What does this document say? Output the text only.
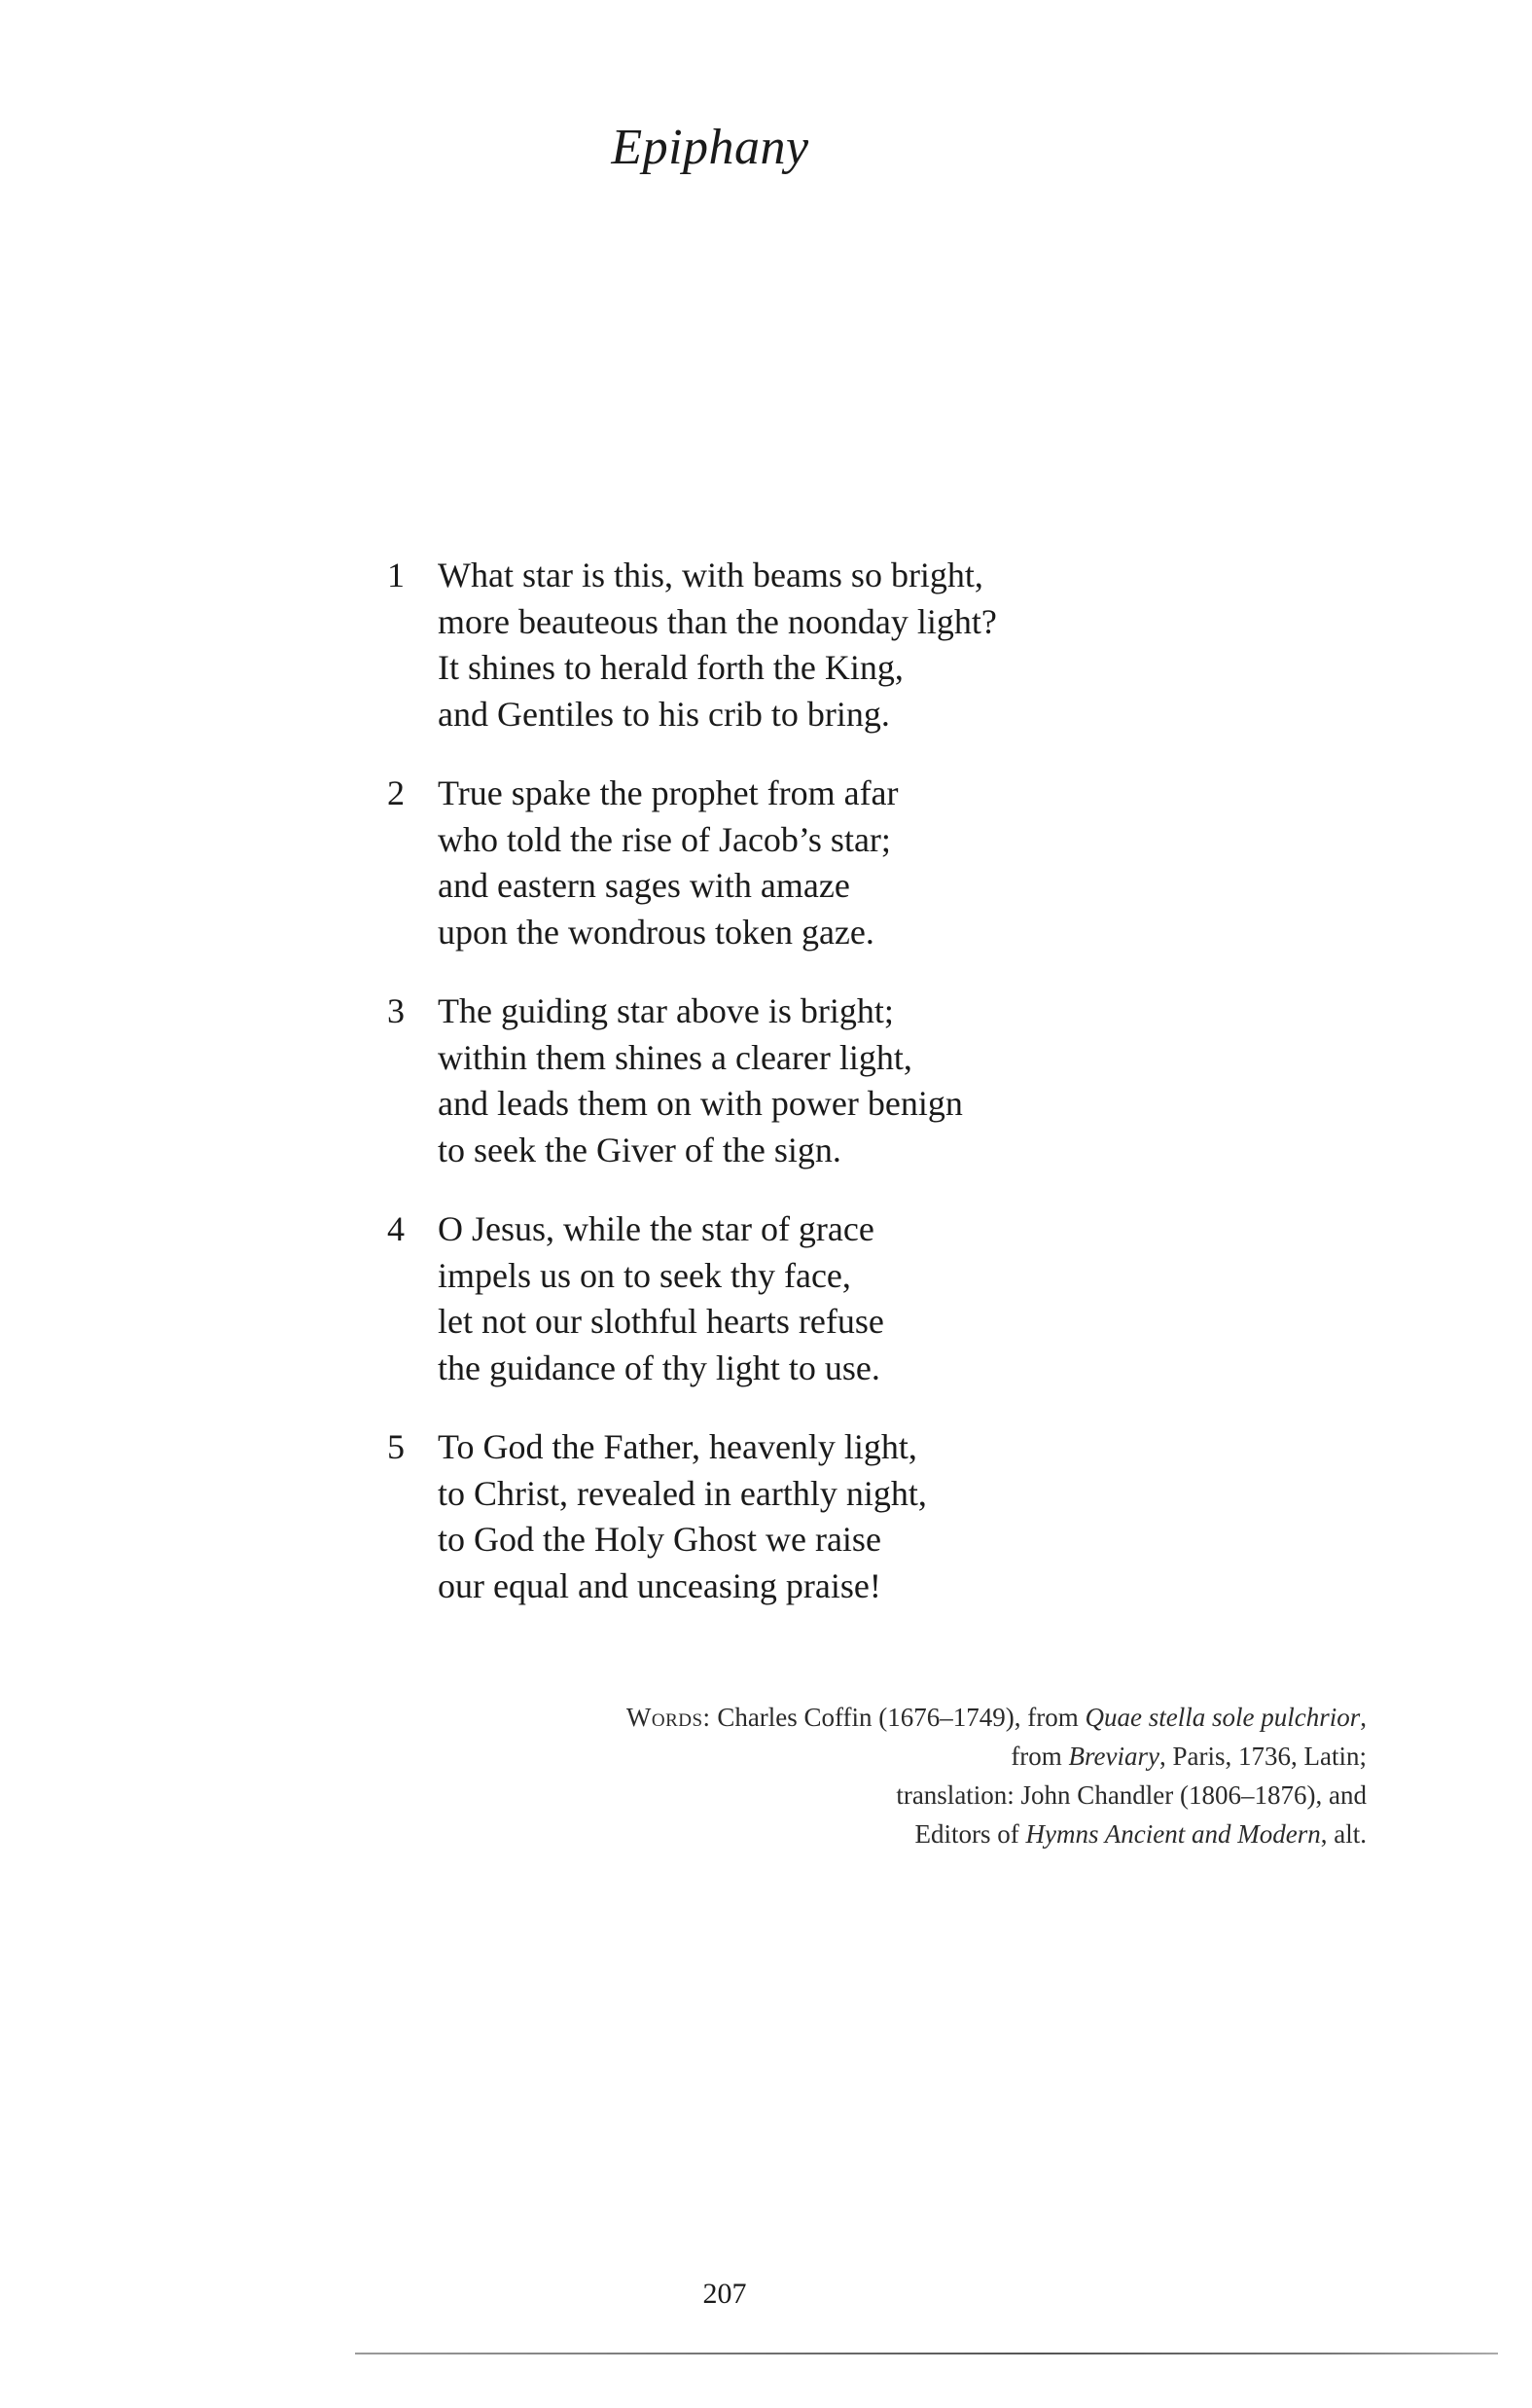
Epiphany
1 What star is this, with beams so bright,
more beauteous than the noonday light?
It shines to herald forth the King,
and Gentiles to his crib to bring.
2 True spake the prophet from afar
who told the rise of Jacob’s star;
and eastern sages with amaze
upon the wondrous token gaze.
3 The guiding star above is bright;
within them shines a clearer light,
and leads them on with power benign
to seek the Giver of the sign.
4 O Jesus, while the star of grace
impels us on to seek thy face,
let not our slothful hearts refuse
the guidance of thy light to use.
5 To God the Father, heavenly light,
to Christ, revealed in earthly night,
to God the Holy Ghost we raise
our equal and unceasing praise!
Words: Charles Coffin (1676–1749), from Quae stella sole pulchrior,
from Breviary, Paris, 1736, Latin;
translation: John Chandler (1806–1876), and
Editors of Hymns Ancient and Modern, alt.
207
